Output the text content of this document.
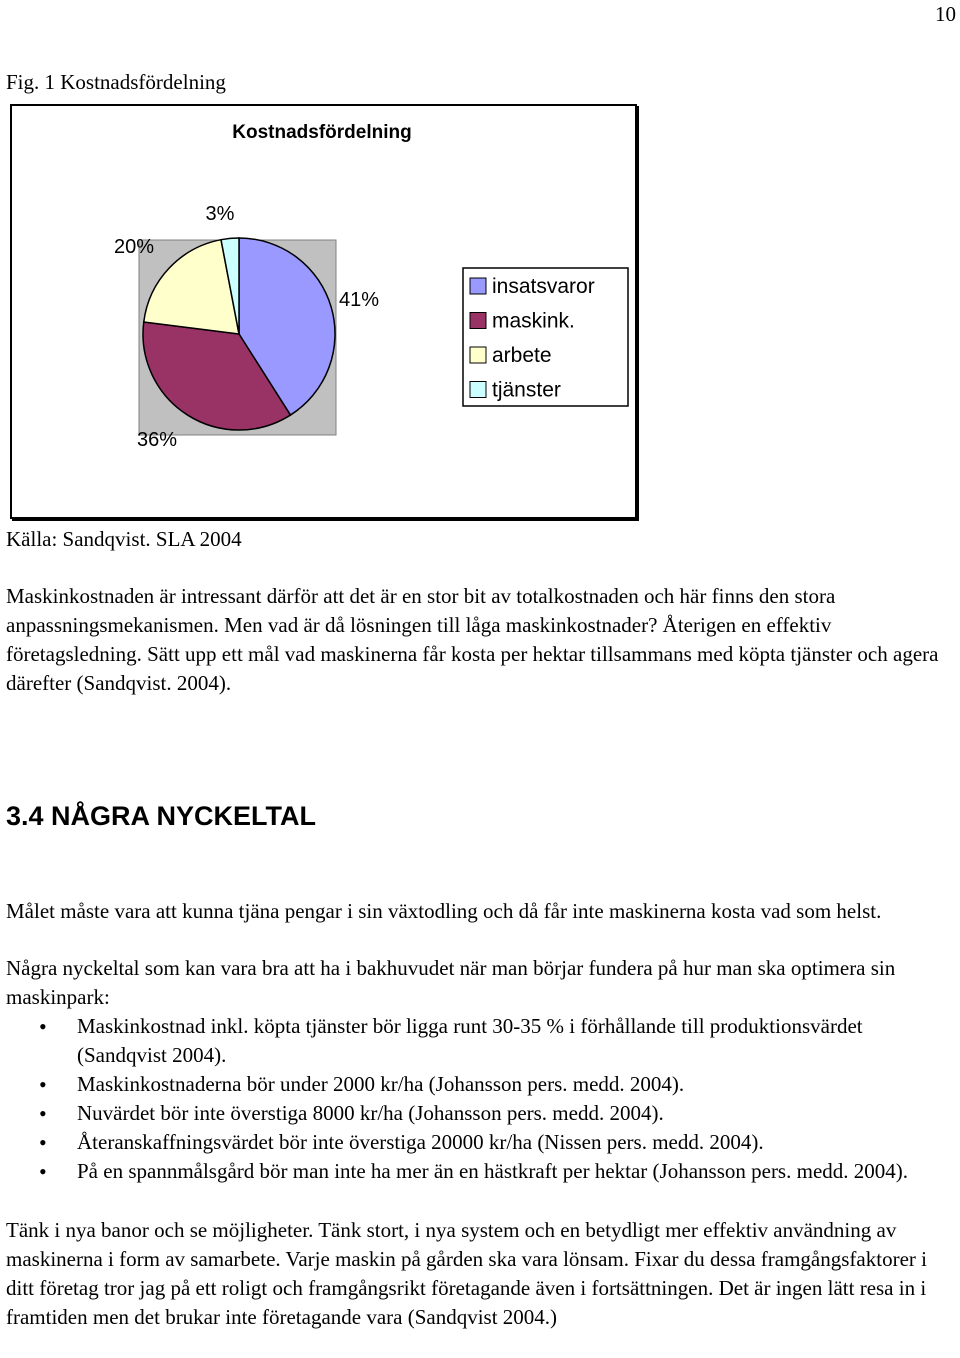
10
Fig. 1 Kostnadsfördelning
Kostnadsfördelning
41%
36%
20%
3%
insatsvaror
maskink.
arbete
tjänster
Källa: Sandqvist. SLA 2004

Maskinkostnaden är intressant därför att det är en stor bit av totalkostnaden och här finns den stora anpassningsmekanismen. Men vad är då lösningen till låga maskinkostnader? Återigen en effektiv företagsledning. Sätt upp ett mål vad maskinerna får kosta per hektar tillsammans med köpta tjänster och agera därefter (Sandqvist. 2004).

3.4 NÅGRA NYCKELTAL

Målet måste vara att kunna tjäna pengar i sin växtodling och då får inte maskinerna kosta vad som helst.

Några nyckeltal som kan vara bra att ha i bakhuvudet när man börjar fundera på hur man ska optimera sin maskinpark:

• Maskinkostnad inkl. köpta tjänster bör ligga runt 30-35 % i förhållande till produktionsvärdet (Sandqvist 2004).
• Maskinkostnaderna bör under 2000 kr/ha (Johansson pers. medd. 2004).
• Nuvärdet bör inte överstiga 8000 kr/ha (Johansson pers. medd. 2004).
• Återanskaffningsvärdet bör inte överstiga 20000 kr/ha (Nissen pers. medd. 2004).
• På en spannmålsgård bör man inte ha mer än en hästkraft per hektar (Johansson pers. medd. 2004).

Tänk i nya banor och se möjligheter. Tänk stort, i nya system och en betydligt mer effektiv användning av maskinerna i form av samarbete. Varje maskin på gården ska vara lönsam. Fixar du dessa framgångsfaktorer i ditt företag tror jag på ett roligt och framgångsrikt företagande även i fortsättningen. Det är ingen lätt resa in i framtiden men det brukar inte företagande vara (Sandqvist 2004.)
